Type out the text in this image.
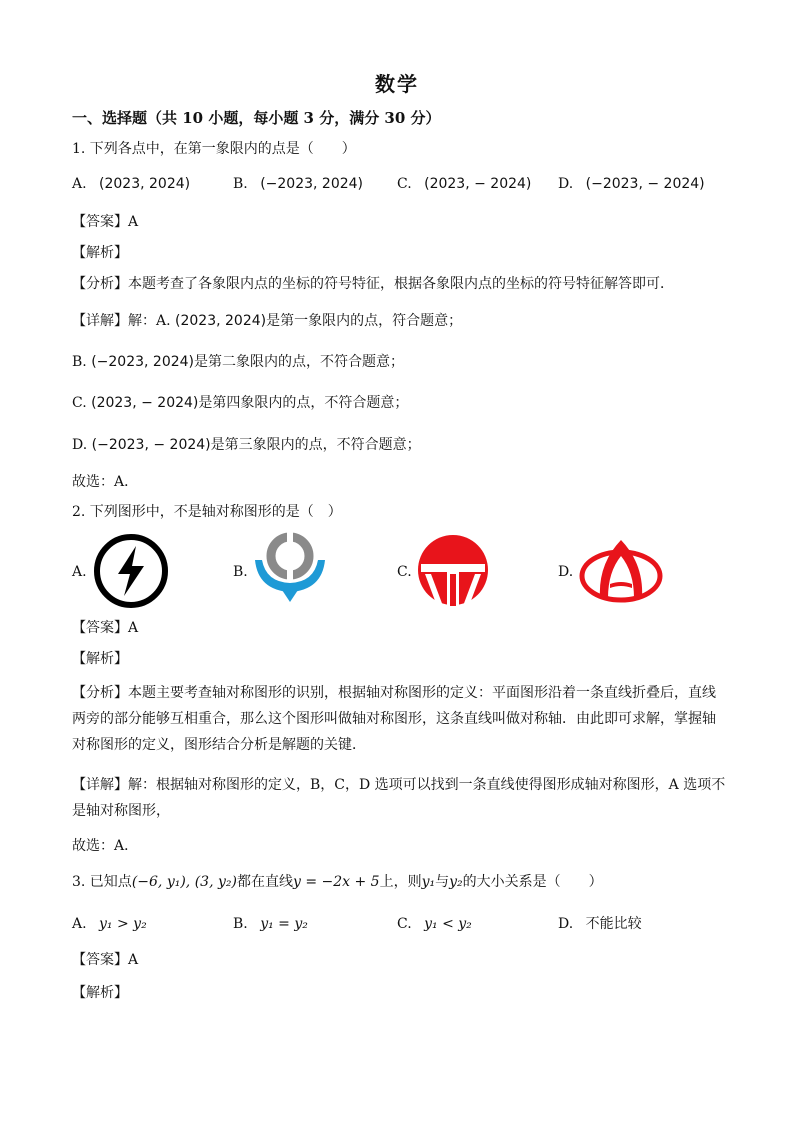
数学
一、选择题（共 10 小题，每小题 3 分，满分 30 分）
1. 下列各点中，在第一象限内的点是（　　）
A. (2023, 2024)	B. (−2023, 2024) C. (2023, − 2024) D. (−2023, − 2024)
【答案】A
【解析】
【分析】本题考查了各象限内点的坐标的符号特征，根据各象限内点的坐标的符号特征解答即可．
【详解】解：A. (2023, 2024)是第一象限内的点，符合题意；
B. (−2023, 2024)是第二象限内的点，不符合题意；
C. (2023, − 2024)是第四象限内的点，不符合题意；
D. (−2023, − 2024)是第三象限内的点，不符合题意；
故选：A．
2. 下列图形中，不是轴对称图形的是（　）
A.	B.	C.	D.
【答案】A
【解析】
【分析】本题主要考查轴对称图形的识别，根据轴对称图形的定义：平面图形沿着一条直线折叠后，直线
两旁的部分能够互相重合，那么这个图形叫做轴对称图形，这条直线叫做对称轴．由此即可求解，掌握轴
对称图形的定义，图形结合分析是解题的关键．
【详解】解：根据轴对称图形的定义，B，C，D 选项可以找到一条直线使得图形成轴对称图形，A 选项不
是轴对称图形，
故选：A．
3. 已知点(−6, y₁), (3, y₂)都在直线y = −2x + 5上，则y₁与y₂的大小关系是（　　）
A. y₁ > y₂	B. y₁ = y₂	C. y₁ < y₂	D. 不能比较
【答案】A
【解析】
